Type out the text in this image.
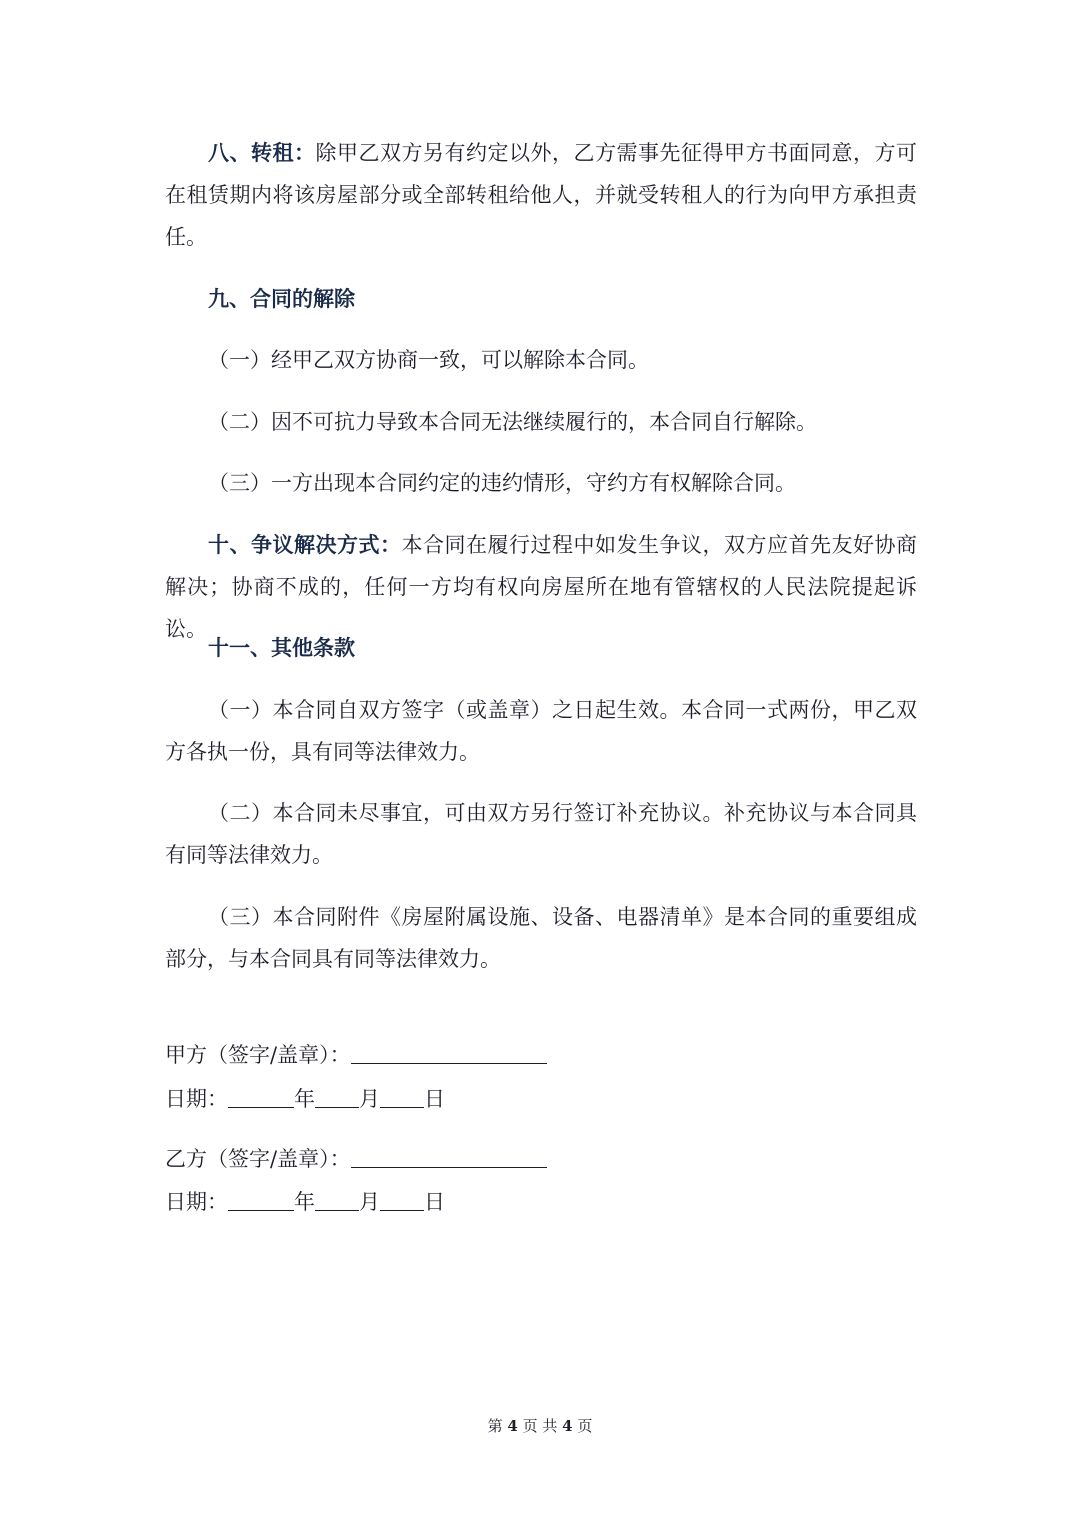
八、转租：除甲乙双方另有约定以外，乙方需事先征得甲方书面同意，方可在租赁期内将该房屋部分或全部转租给他人，并就受转租人的行为向甲方承担责任。

九、合同的解除

（一）经甲乙双方协商一致，可以解除本合同。

（二）因不可抗力导致本合同无法继续履行的，本合同自行解除。

（三）一方出现本合同约定的违约情形，守约方有权解除合同。

十、争议解决方式：本合同在履行过程中如发生争议，双方应首先友好协商解决；协商不成的，任何一方均有权向房屋所在地有管辖权的人民法院提起诉讼。

十一、其他条款

（一）本合同自双方签字（或盖章）之日起生效。本合同一式两份，甲乙双方各执一份，具有同等法律效力。

（二）本合同未尽事宜，可由双方另行签订补充协议。补充协议与本合同具有同等法律效力。

（三）本合同附件《房屋附属设施、设备、电器清单》是本合同的重要组成部分，与本合同具有同等法律效力。

甲方（签字/盖章）：
日期：	年 月 日
乙方（签字/盖章）：
日期：	年 月 日
第 4 页 共 4 页
